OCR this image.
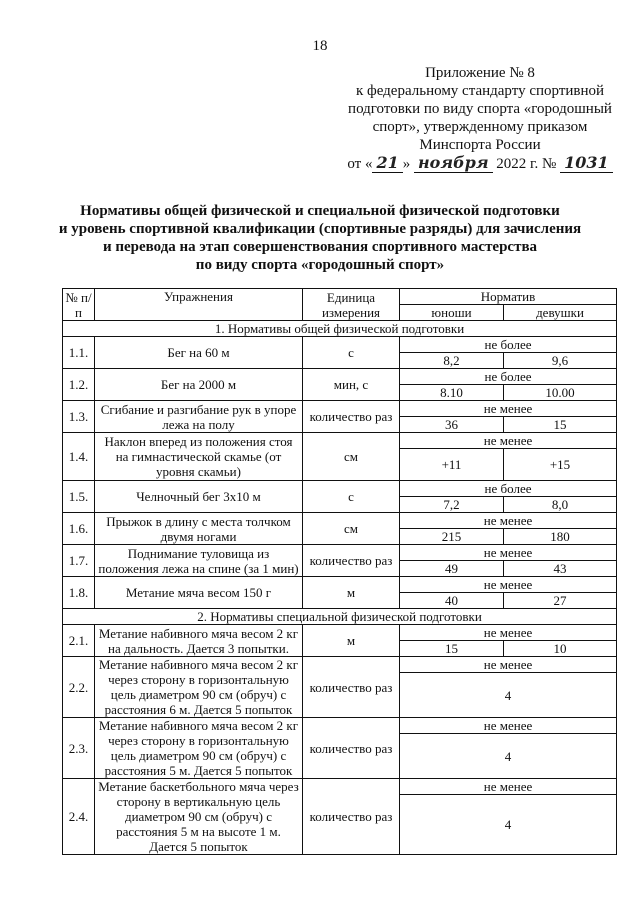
18
Приложение № 8
к федеральному стандарту спортивной
подготовки по виду спорта «городошный
спорт», утвержденному приказом
Минспорта России
от « 21 » ноября 2022 г. № 1031
Нормативы общей физической и специальной физической подготовки
и уровень спортивной квалификации (спортивные разряды) для зачисления
и перевода на этап совершенствования спортивного мастерства
по виду спорта «городошный спорт»
№ п/п	Упражнения	Единица измерения	Норматив	
			юноши	девушки
1. Нормативы общей физической подготовки				
1.1.	Бег на 60 м	с	не более	
			8,2	9,6
1.2.	Бег на 2000 м	мин, с	не более	
			8.10	10.00
1.3.	Сгибание и разгибание рук в упоре лежа на полу	количество раз	не менее	
			36	15
1.4.	Наклон вперед из положения стоя на гимнастической скамье (от уровня скамьи)	см	не менее	
			+11	+15
1.5.	Челночный бег 3х10 м	с	не более	
			7,2	8,0
1.6.	Прыжок в длину с места толчком двумя ногами	см	не менее	
			215	180
1.7.	Поднимание туловища из положения лежа на спине (за 1 мин)	количество раз	не менее	
			49	43
1.8.	Метание мяча весом 150 г	м	не менее	
			40	27
2. Нормативы специальной физической подготовки				
2.1.	Метание набивного мяча весом 2 кг на дальность. Дается 3 попытки.	м	не менее	
			15	10
2.2.	Метание набивного мяча весом 2 кг через сторону в горизонтальную цель диаметром 90 см (обруч) с расстояния 6 м. Дается 5 попыток	количество раз	не менее	
			4	
2.3.	Метание набивного мяча весом 2 кг через сторону в горизонтальную цель диаметром 90 см (обруч) с расстояния 5 м. Дается 5 попыток	количество раз	не менее	
			4	
2.4.	Метание баскетбольного мяча через сторону в вертикальную цель диаметром 90 см (обруч) с расстояния 5 м на высоте 1 м. Дается 5 попыток	количество раз	не менее	
			4	
